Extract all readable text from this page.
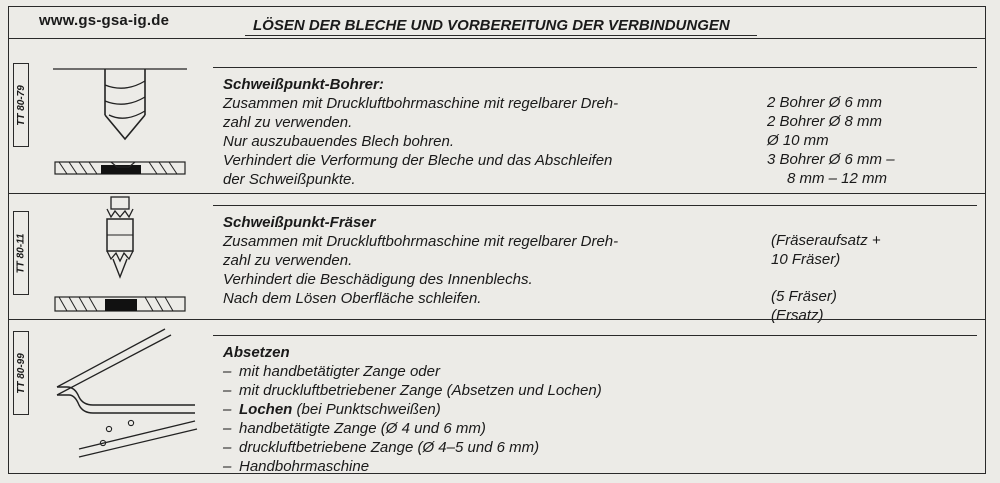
www.gs-gsa-ig.de	LÖSEN DER BLECHE UND VORBEREITUNG DER VERBINDUNGEN
TT 80-79
Schweißpunkt-Bohrer:
Zusammen mit Druckluftbohrmaschine mit regelbarer Dreh-
zahl zu verwenden.
Nur auszubauendes Blech bohren.
Verhindert die Verformung der Bleche und das Abschleifen
der Schweißpunkte.
2 Bohrer Ø 6 mm
2 Bohrer Ø 8 mm
Ø 10 mm
3 Bohrer Ø 6 mm –
8 mm – 12 mm
TT 80-11
Schweißpunkt-Fräser
Zusammen mit Druckluftbohrmaschine mit regelbarer Dreh-
zahl zu verwenden.
Verhindert die Beschädigung des Innenblechs.
Nach dem Lösen Oberfläche schleifen.
(Fräseraufsatz +
10 Fräser)
(5 Fräser)
(Ersatz)
TT 80-99
Absetzen
– mit handbetätigter Zange oder
– mit druckluftbetriebener Zange (Absetzen und Lochen)
– Lochen (bei Punktschweißen)
– handbetätigte Zange (Ø 4 und 6 mm)
– druckluftbetriebene Zange (Ø 4–5 und 6 mm)
– Handbohrmaschine
